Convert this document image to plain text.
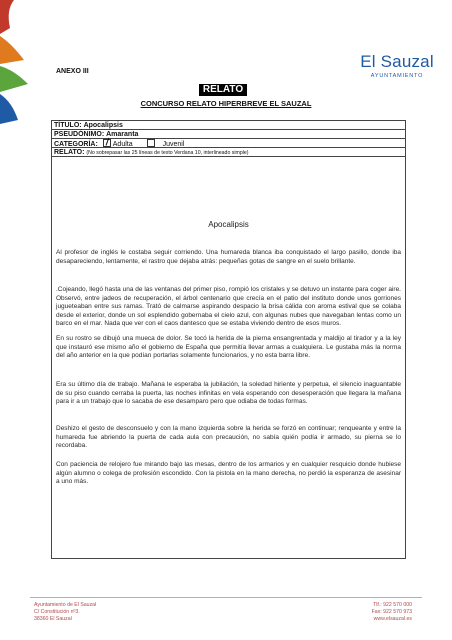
El Sauzal
AYUNTAMIENTO
ANEXO III
RELATO
CONCURSO RELATO HIPERBREVE EL SAUZAL
TÍTULO: Apocalipsis
PSEUDÓNIMO: Amaranta
CATEGORÍA: Adulta	Juvenil
RELATO: (No sobrepasar las 25 líneas de texto Verdana 10, interlineado simple)
Apocalipsis

Al profesor de inglés le costaba seguir corriendo. Una humareda blanca iba conquistado el largo pasillo, donde iba desapareciendo, lentamente, el rastro que dejaba atrás: pequeñas gotas de sangre en el suelo brillante.

.Cojeando, llegó hasta una de las ventanas del primer piso, rompió los cristales y se detuvo un instante para coger aire. Observó, entre jadeos de recuperación, el árbol centenario que crecía en el patio del instituto donde unos gorriones jugueteaban entre sus ramas. Trató de calmarse aspirando despacio la brisa cálida con aroma estival que se colaba desde el exterior, donde un sol esplendido gobernaba el cielo azul, con algunas nubes que navegaban lentas como un barco en el mar. Nada que ver con el caos dantesco que se estaba viviendo dentro de esos muros.

En su rostro se dibujó una mueca de dolor. Se tocó la herida de la pierna ensangrentada y maldijo al tirador y a la ley que instauró ese mismo año el gobierno de España que permitía llevar armas a cualquiera. Le gustaba más la norma del año anterior en la que podían portarlas solamente funcionarios, y no esta barra libre.

Era su último día de trabajo. Mañana le esperaba la jubilación, la soledad hiriente y perpetua, el silencio inaguantable de su piso cuando cerraba la puerta, las noches infinitas en vela esperando con desesperación que llegara la mañana para ir a un trabajo que lo sacaba de ese desamparo pero que odiaba de todas formas.

Deshizo el gesto de desconsuelo y con la mano izquierda sobre la herida se forzó en continuar; renqueante y entre la humareda fue abriendo la puerta de cada aula con precaución, no sabía quién podía ir armado, su pierna se lo recordaba.

Con paciencia de relojero fue mirando bajo las mesas, dentro de los armarios y en cualquier resquicio donde hubiese algún alumno o colega de profesión escondido. Con la pistola en la mano derecha, no perdió la esperanza de asesinar a uno más.

Ayuntamiento de El Sauzal
C/ Constitución nº3.
38360 El Sauzal
Tlf.: 922 570 000
Fax: 922 570 973
www.elsauzal.es
